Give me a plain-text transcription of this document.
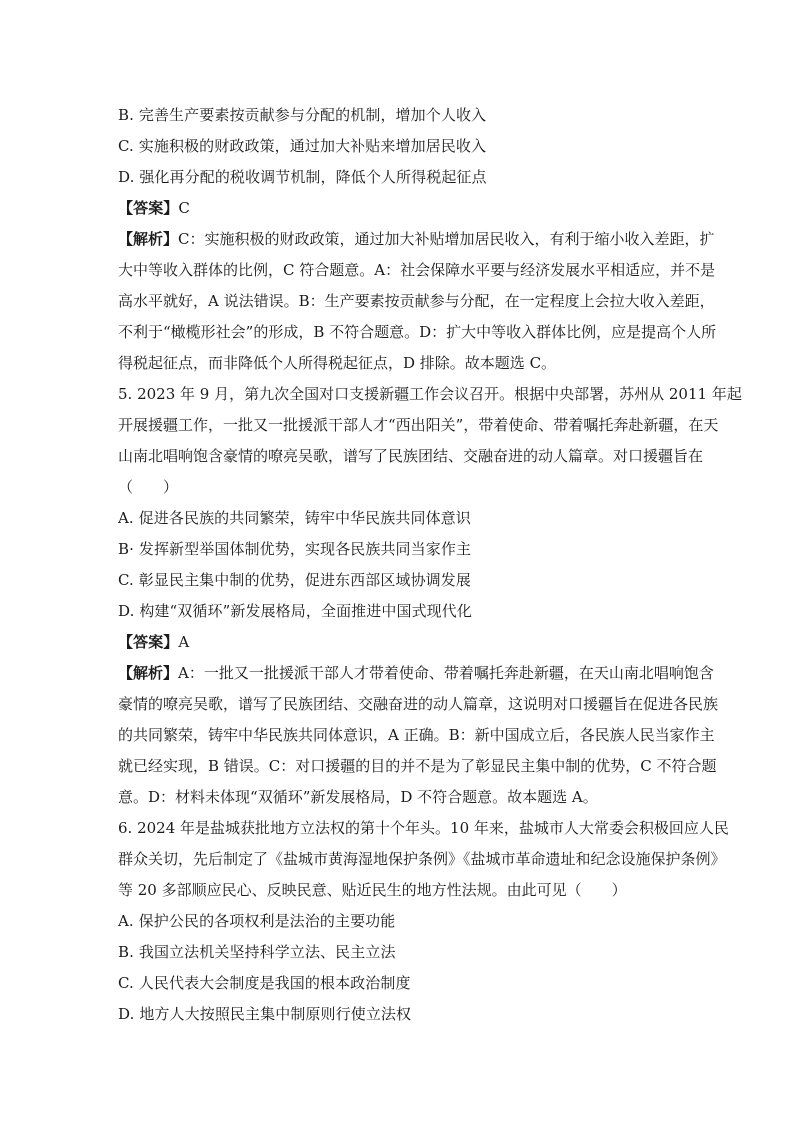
B. 完善生产要素按贡献参与分配的机制，增加个人收入
C. 实施积极的财政政策，通过加大补贴来增加居民收入
D. 强化再分配的税收调节机制，降低个人所得税起征点
【答案】C
【解析】C：实施积极的财政政策，通过加大补贴增加居民收入，有利于缩小收入差距，扩
大中等收入群体的比例，C 符合题意。A：社会保障水平要与经济发展水平相适应，并不是
高水平就好，A 说法错误。B：生产要素按贡献参与分配，在一定程度上会拉大收入差距，
不利于“橄榄形社会”的形成，B 不符合题意。D：扩大中等收入群体比例，应是提高个人所
得税起征点，而非降低个人所得税起征点，D 排除。故本题选 C。
5. 2023 年 9 月，第九次全国对口支援新疆工作会议召开。根据中央部署，苏州从 2011 年起
开展援疆工作，一批又一批援派干部人才“西出阳关”，带着使命、带着嘱托奔赴新疆，在天
山南北唱响饱含豪情的嘹亮吴歌，谱写了民族团结、交融奋进的动人篇章。对口援疆旨在
（　　）
A. 促进各民族的共同繁荣，铸牢中华民族共同体意识
B· 发挥新型举国体制优势，实现各民族共同当家作主
C. 彰显民主集中制的优势，促进东西部区域协调发展
D. 构建“双循环”新发展格局，全面推进中国式现代化
【答案】A
【解析】A：一批又一批援派干部人才带着使命、带着嘱托奔赴新疆，在天山南北唱响饱含
豪情的嘹亮吴歌，谱写了民族团结、交融奋进的动人篇章，这说明对口援疆旨在促进各民族
的共同繁荣，铸牢中华民族共同体意识，A 正确。B：新中国成立后，各民族人民当家作主
就已经实现，B 错误。C：对口援疆的目的并不是为了彰显民主集中制的优势，C 不符合题
意。D：材料未体现“双循环”新发展格局，D 不符合题意。故本题选 A。
6. 2024 年是盐城获批地方立法权的第十个年头。10 年来，盐城市人大常委会积极回应人民
群众关切，先后制定了《盐城市黄海湿地保护条例》《盐城市革命遗址和纪念设施保护条例》
等 20 多部顺应民心、反映民意、贴近民生的地方性法规。由此可见（　　）
A. 保护公民的各项权利是法治的主要功能
B. 我国立法机关坚持科学立法、民主立法
C. 人民代表大会制度是我国的根本政治制度
D. 地方人大按照民主集中制原则行使立法权
